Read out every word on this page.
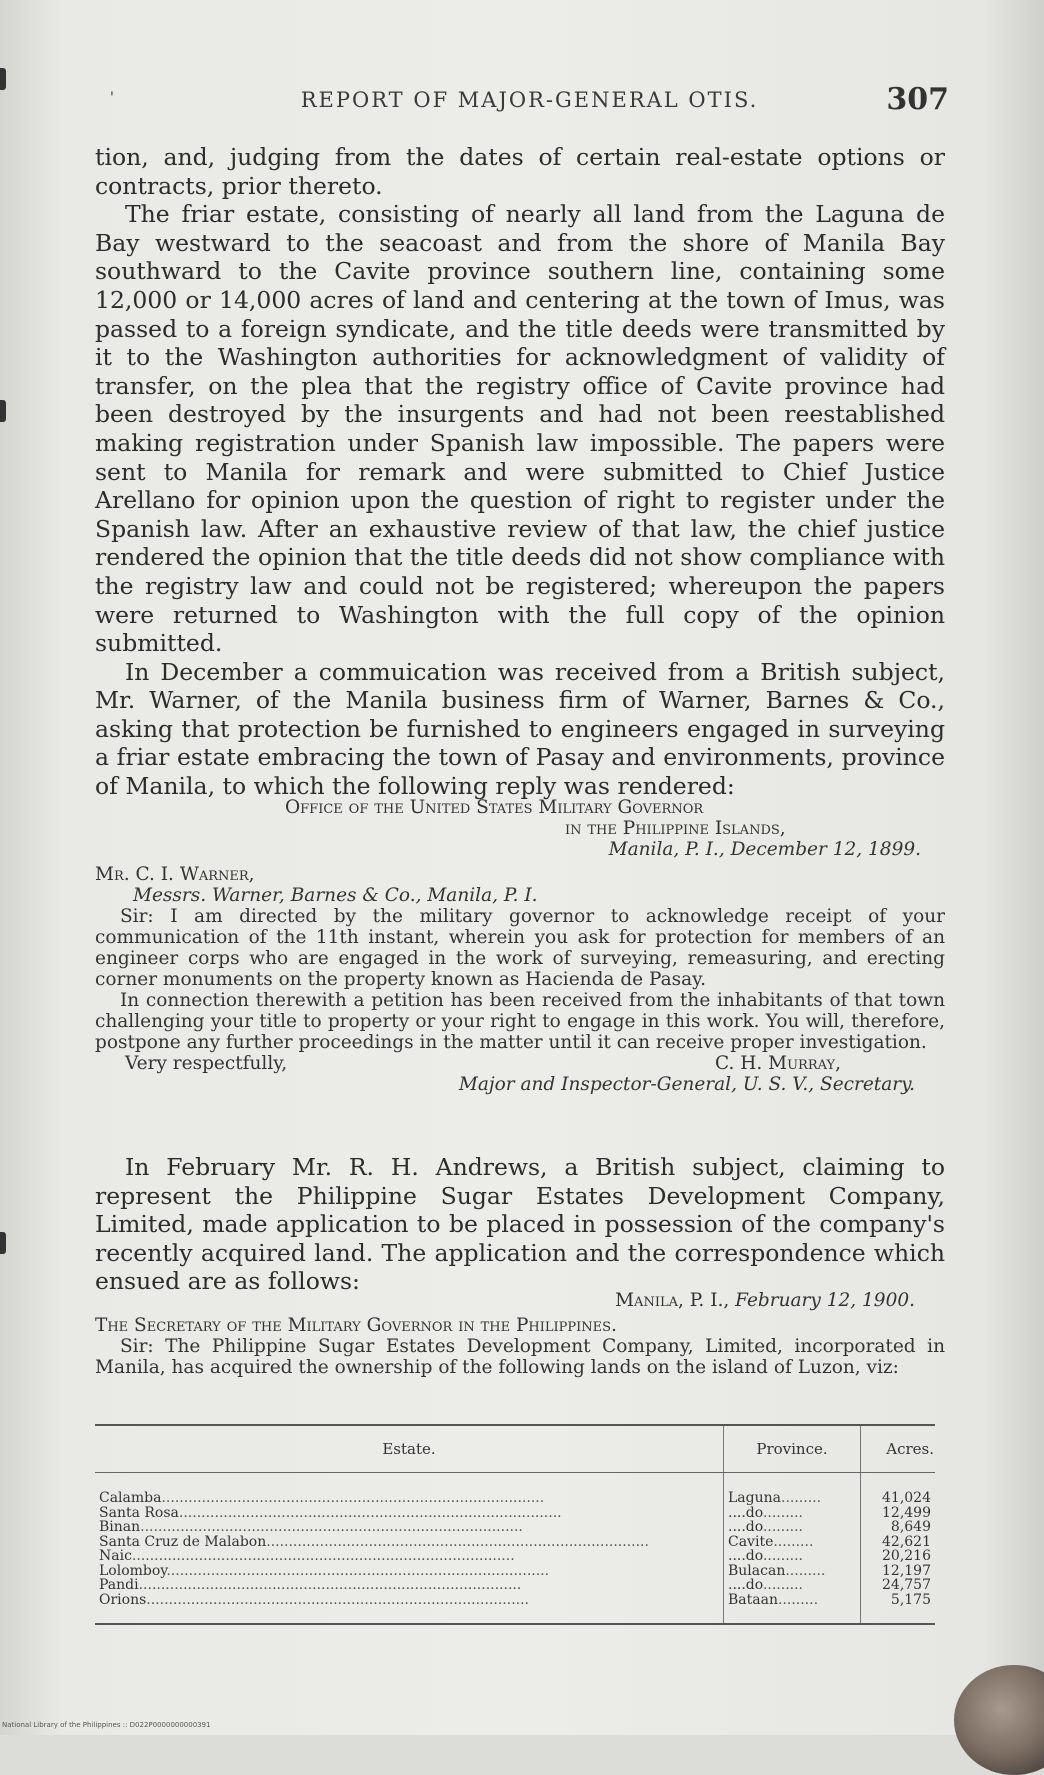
'	REPORT OF MAJOR-GENERAL OTIS.	307

tion, and, judging from the dates of certain real-estate options or contracts, prior thereto.

The friar estate, consisting of nearly all land from the Laguna de Bay westward to the seacoast and from the shore of Manila Bay southward to the Cavite province southern line, containing some 12,000 or 14,000 acres of land and centering at the town of Imus, was passed to a foreign syndicate, and the title deeds were transmitted by it to the Washington authorities for acknowledgment of validity of transfer, on the plea that the registry office of Cavite province had been destroyed by the insurgents and had not been reestablished making registration under Spanish law impossible. The papers were sent to Manila for remark and were submitted to Chief Justice Arellano for opinion upon the question of right to register under the Spanish law. After an exhaustive review of that law, the chief justice rendered the opinion that the title deeds did not show compliance with the registry law and could not be registered; whereupon the papers were returned to Washington with the full copy of the opinion submitted.

In December a commuication was received from a British subject, Mr. Warner, of the Manila business firm of Warner, Barnes & Co., asking that protection be furnished to engineers engaged in surveying a friar estate embracing the town of Pasay and environments, province of Manila, to which the following reply was rendered:

Office of the United States Military Governor
in the Philippine Islands,
Manila, P. I., December 12, 1899.
Mr. C. I. Warner,
Messrs. Warner, Barnes & Co., Manila, P. I.

Sir: I am directed by the military governor to acknowledge receipt of your communication of the 11th instant, wherein you ask for protection for members of an engineer corps who are engaged in the work of surveying, remeasuring, and erecting corner monuments on the property known as Hacienda de Pasay.

In connection therewith a petition has been received from the inhabitants of that town challenging your title to property or your right to engage in this work. You will, therefore, postpone any further proceedings in the matter until it can receive proper investigation.

Very respectfully,	C. H. Murray,
Major and Inspector-General, U. S. V., Secretary.

In February Mr. R. H. Andrews, a British subject, claiming to represent the Philippine Sugar Estates Development Company, Limited, made application to be placed in possession of the company's recently acquired land. The application and the correspondence which ensued are as follows:

Manila, P. I., February 12, 1900.
The Secretary of the Military Governor in the Philippines.

Sir: The Philippine Sugar Estates Development Company, Limited, incorporated in Manila, has acquired the ownership of the following lands on the island of Luzon, viz:

Estate.	Province.	Acres.
Calamba......................................................................................	Laguna.........	41,024
Santa Rosa......................................................................................	....do.........	12,499
Binan......................................................................................	....do.........	8,649
Santa Cruz de Malabon......................................................................................	Cavite.........	42,621
Naic......................................................................................	....do.........	20,216
Lolomboy......................................................................................	Bulacan.........	12,197
Pandi......................................................................................	....do.........	24,757
Orions......................................................................................	Bataan.........	5,175

National Library of the Philippines :: D022P0000000000391
